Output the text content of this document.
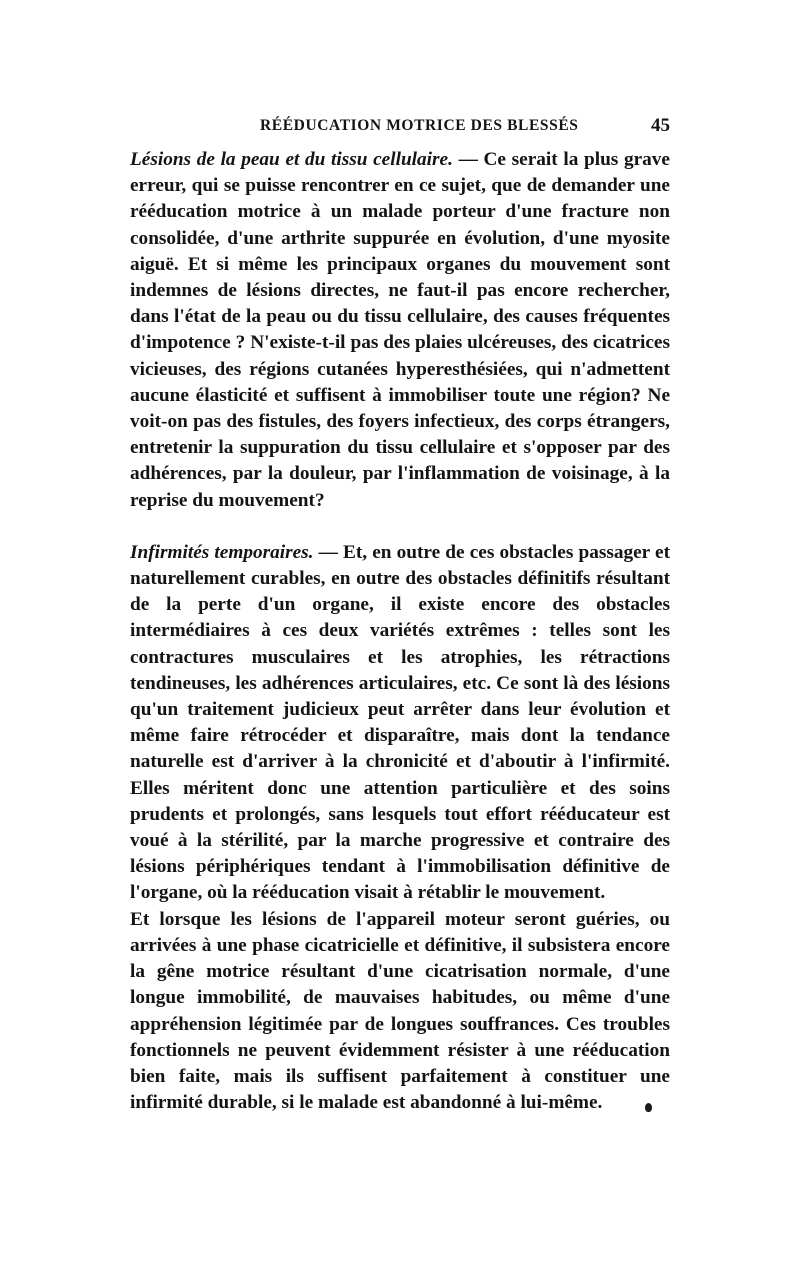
RÉÉDUCATION MOTRICE DES BLESSÉS	45

Lésions de la peau et du tissu cellulaire. — Ce serait la plus grave erreur, qui se puisse rencontrer en ce sujet, que de demander une rééducation motrice à un malade porteur d'une fracture non consolidée, d'une arthrite suppurée en évolution, d'une myosite aiguë. Et si même les principaux organes du mouvement sont indemnes de lésions directes, ne faut-il pas encore rechercher, dans l'état de la peau ou du tissu cellulaire, des causes fréquentes d'impotence ? N'existe-t-il pas des plaies ulcéreuses, des cicatrices vicieuses, des régions cutanées hyperesthésiées, qui n'admettent aucune élasticité et suffisent à immobiliser toute une région? Ne voit-on pas des fistules, des foyers infectieux, des corps étrangers, entretenir la suppuration du tissu cellulaire et s'opposer par des adhérences, par la douleur, par l'inflammation de voisinage, à la reprise du mouvement?

Infirmités temporaires. — Et, en outre de ces obstacles passager et naturellement curables, en outre des obstacles définitifs résultant de la perte d'un organe, il existe encore des obstacles intermédiaires à ces deux variétés extrêmes : telles sont les contractures musculaires et les atrophies, les rétractions tendineuses, les adhérences articulaires, etc. Ce sont là des lésions qu'un traitement judicieux peut arrêter dans leur évolution et même faire rétrocéder et disparaître, mais dont la tendance naturelle est d'arriver à la chronicité et d'aboutir à l'infirmité. Elles méritent donc une attention particulière et des soins prudents et prolongés, sans lesquels tout effort rééducateur est voué à la stérilité, par la marche progressive et contraire des lésions périphériques tendant à l'immobilisation définitive de l'organe, où la rééducation visait à rétablir le mouvement.

Et lorsque les lésions de l'appareil moteur seront guéries, ou arrivées à une phase cicatricielle et définitive, il subsistera encore la gêne motrice résultant d'une cicatrisation normale, d'une longue immobilité, de mauvaises habitudes, ou même d'une appréhension légitimée par de longues souffrances. Ces troubles fonctionnels ne peuvent évidemment résister à une rééducation bien faite, mais ils suffisent parfaitement à constituer une infirmité durable, si le malade est abandonné à lui-même.
